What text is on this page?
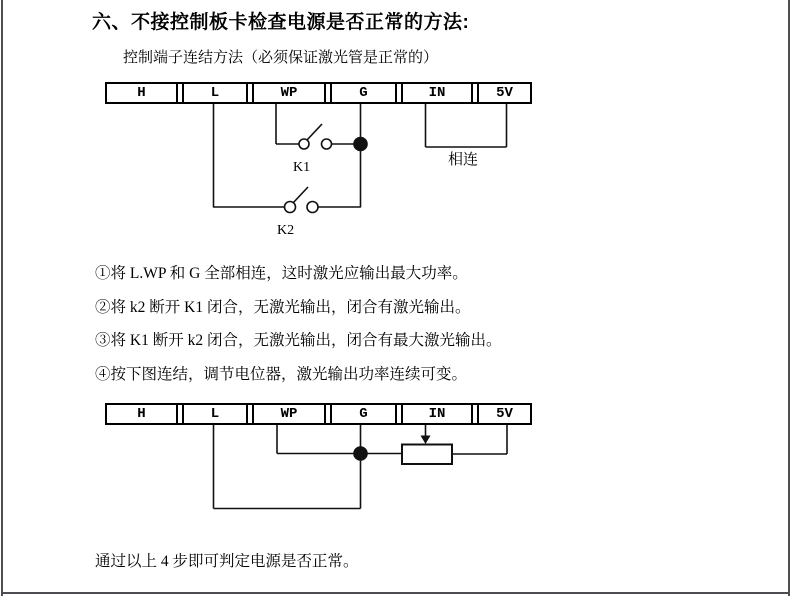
六、不接控制板卡检查电源是否正常的方法:
控制端子连结方法（必须保证激光管是正常的）
K1
K2
相连
H	L	WP	G	IN	5V
①将 L.WP 和 G 全部相连，这时激光应输出最大功率。
②将 k2 断开 K1 闭合，无激光输出，闭合有激光输出。
③将 K1 断开 k2 闭合，无激光输出，闭合有最大激光输出。
④按下图连结，调节电位器，激光输出功率连续可变。
H	L	WP	G	IN	5V
通过以上 4 步即可判定电源是否正常。
